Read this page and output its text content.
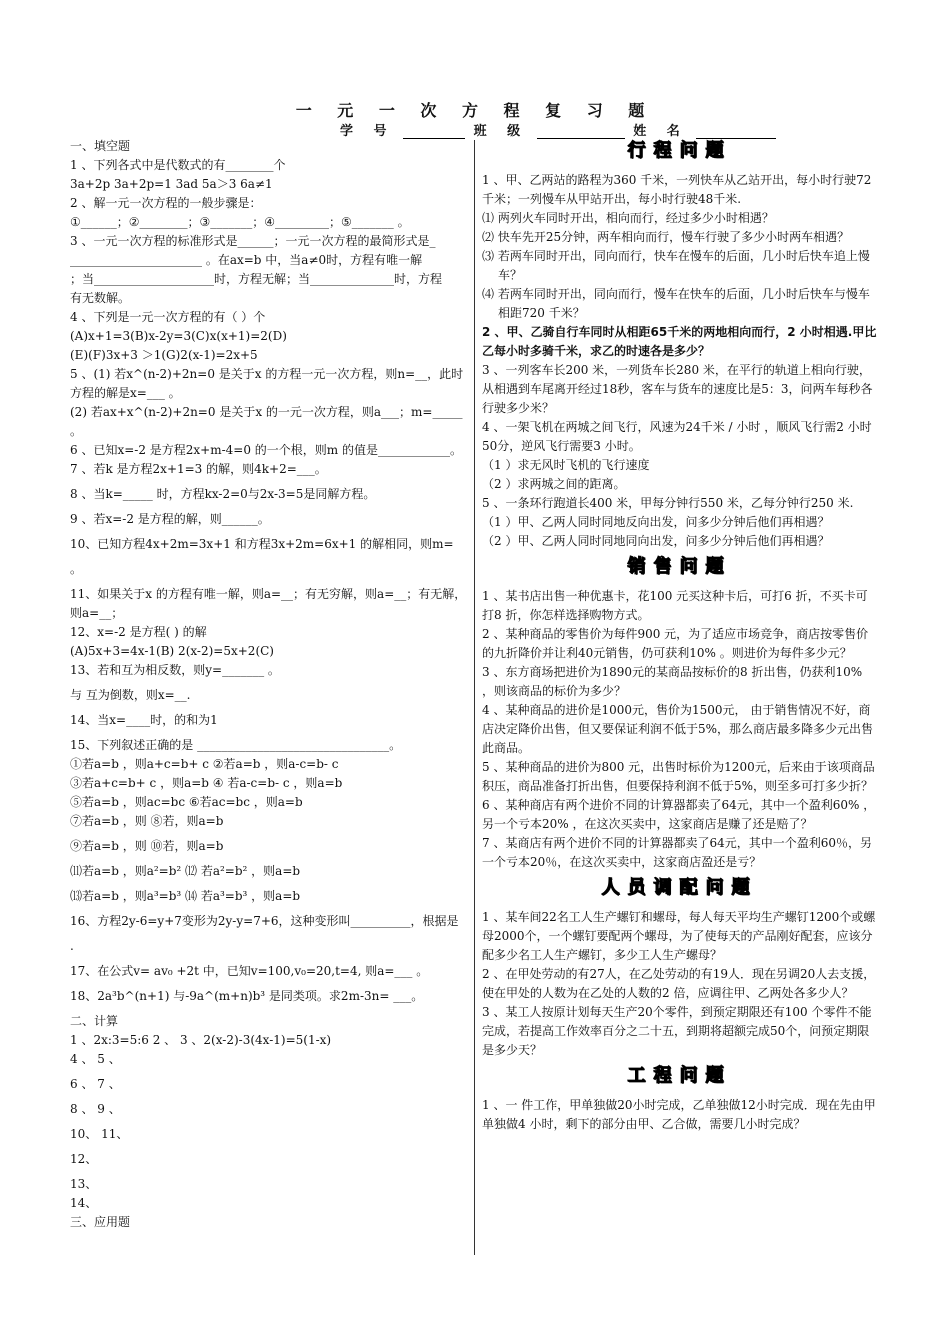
一 元 一 次 方 程 复 习 题
学 号	班 级	姓 名

一、填空题

1 、下列各式中是代数式的有________个

3a+2p 3a+2p=1 3ad 5a＞3 6a≠1

2 、解一元一次方程的一般步骤是：

①______；②________；③_______；④_________；⑤_______ 。

3 、一元一次方程的标准形式是______；一元一次方程的最简形式是_

______________________ 。在ax=b 中，当a≠0时，方程有唯一解

；当____________________时，方程无解；当______________时，方程

有无数解。

4 、下列是一元一次方程的有（ ）个

(A)x+1=3(B)x-2y=3(C)x(x+1)=2(D)

(E)(F)3x+3 ＞1(G)2(x-1)=2x+5

5 、(1) 若x^(n-2)+2n=0 是关于x 的方程一元一次方程，则n=__，此时方程的解是x=___ 。

(2) 若ax+x^(n-2)+2n=0 是关于x 的一元一次方程，则a___；m=_____ 。

6 、已知x=-2 是方程2x+m-4=0 的一个根，则m 的值是____________。

7 、若k 是方程2x+1=3 的解，则4k+2=___。

8 、当k=_____ 时，方程kx-2=0与2x-3=5是同解方程。

9 、若x=-2 是方程的解，则______。

10、已知方程4x+2m=3x+1 和方程3x+2m=6x+1 的解相同，则m=

。

11、如果关于x 的方程有唯一解，则a=__；有无穷解，则a=__；有无解，则a=__；

12、x=-2 是方程( ) 的解

(A)5x+3=4x-1(B) 2(x-2)=5x+2(C)

13、若和互为相反数，则y=_______ 。

与 互为倒数，则x=__.

14、当x=____时，的和为1

15、下列叙述正确的是 ________________________________。

①若a=b ，则a+c=b+ c ②若a=b ，则a-c=b- c

③若a+c=b+ c ，则a=b ④ 若a-c=b- c ，则a=b

⑤若a=b ，则ac=bc ⑥若ac=bc ，则a=b

⑦若a=b ，则 ⑧若，则a=b

⑨若a=b ，则 ⑩若，则a=b

⑾若a=b ，则a²=b² ⑿ 若a²=b² ，则a=b

⒀若a=b ，则a³=b³ ⒁ 若a³=b³ ，则a=b

16、方程2y-6=y+7变形为2y-y=7+6，这种变形叫__________，根据是

.

17、在公式v= av₀ +2t 中，已知v=100,v₀=20,t=4, 则a=___ 。

18、2a³b^(n+1) 与-9a^(m+n)b³ 是同类项。求2m-3n= ___。

二、计算

1 、2x:3=5:6 2 、 3 、2(x-2)-3(4x-1)=5(1-x)

4 、 5 、

6 、 7 、

8 、 9 、

10、 11、

12、

13、

14、

三、应用题

行程问题

1 、甲、乙两站的路程为360 千米，一列快车从乙站开出，每小时行驶72千米；一列慢车从甲站开出，每小时行驶48千米.

⑴ 两列火车同时开出，相向而行，经过多少小时相遇？

⑵ 快车先开25分钟，两车相向而行，慢车行驶了多少小时两车相遇？

⑶ 若两车同时开出，同向而行，快车在慢车的后面，几小时后快车追上慢车？

⑷ 若两车同时开出，同向而行，慢车在快车的后面，几小时后快车与慢车相距720 千米？

2 、甲、乙骑自行车同时从相距65千米的两地相向而行，2 小时相遇.甲比乙每小时多骑千米，求乙的时速各是多少？

3 、一列客车长200 米，一列货车长280 米，在平行的轨道上相向行驶，从相遇到车尾离开经过18秒，客车与货车的速度比是5：3，问两车每秒各行驶多少米？

4 、一架飞机在两城之间飞行，风速为24千米 / 小时 ，顺风飞行需2 小时50分，逆风飞行需要3 小时。

（1 ）求无风时飞机的飞行速度

（2 ）求两城之间的距离。

5 、一条环行跑道长400 米，甲每分钟行550 米，乙每分钟行250 米.

（1 ）甲、乙两人同时同地反向出发，问多少分钟后他们再相遇？

（2 ）甲、乙两人同时同地同向出发，问多少分钟后他们再相遇？

销售问题

1 、某书店出售一种优惠卡，花100 元买这种卡后，可打6 折，不买卡可打8 折，你怎样选择购物方式。

2 、某种商品的零售价为每件900 元，为了适应市场竞争，商店按零售价的九折降价并让利40元销售，仍可获利10% 。则进价为每件多少元？

3 、东方商场把进价为1890元的某商品按标价的8 折出售，仍获利10% ，则该商品的标价为多少？

4 、某种商品的进价是1000元，售价为1500元， 由于销售情况不好，商店决定降价出售，但又要保证利润不低于5%，那么商店最多降多少元出售此商品。

5 、某种商品的进价为800 元，出售时标价为1200元，后来由于该项商品积压，商品准备打折出售，但要保持利润不低于5%，则至多可打多少折？

6 、某种商店有两个进价不同的计算器都卖了64元，其中一个盈利60% ，另一个亏本20% ，在这次买卖中，这家商店是赚了还是赔了？

7 、某商店有两个进价不同的计算器都卖了64元，其中一个盈利60％，另一个亏本20％，在这次买卖中，这家商店盈还是亏？

人员调配问题

1 、某车间22名工人生产螺钉和螺母，每人每天平均生产螺钉1200个或螺母2000个，一个螺钉要配两个螺母，为了使每天的产品刚好配套，应该分配多少名工人生产螺钉，多少工人生产螺母？

2 、在甲处劳动的有27人，在乙处劳动的有19人．现在另调20人去支援，使在甲处的人数为在乙处的人数的2 倍，应调往甲、乙两处各多少人？

3 、某工人按原计划每天生产20个零件，到预定期限还有100 个零件不能完成，若提高工作效率百分之二十五，到期将超额完成50个，问预定期限是多少天？

工程问题

1 、一 件工作，甲单独做20小时完成，乙单独做12小时完成．现在先由甲单独做4 小时，剩下的部分由甲、乙合做，需要几小时完成？
